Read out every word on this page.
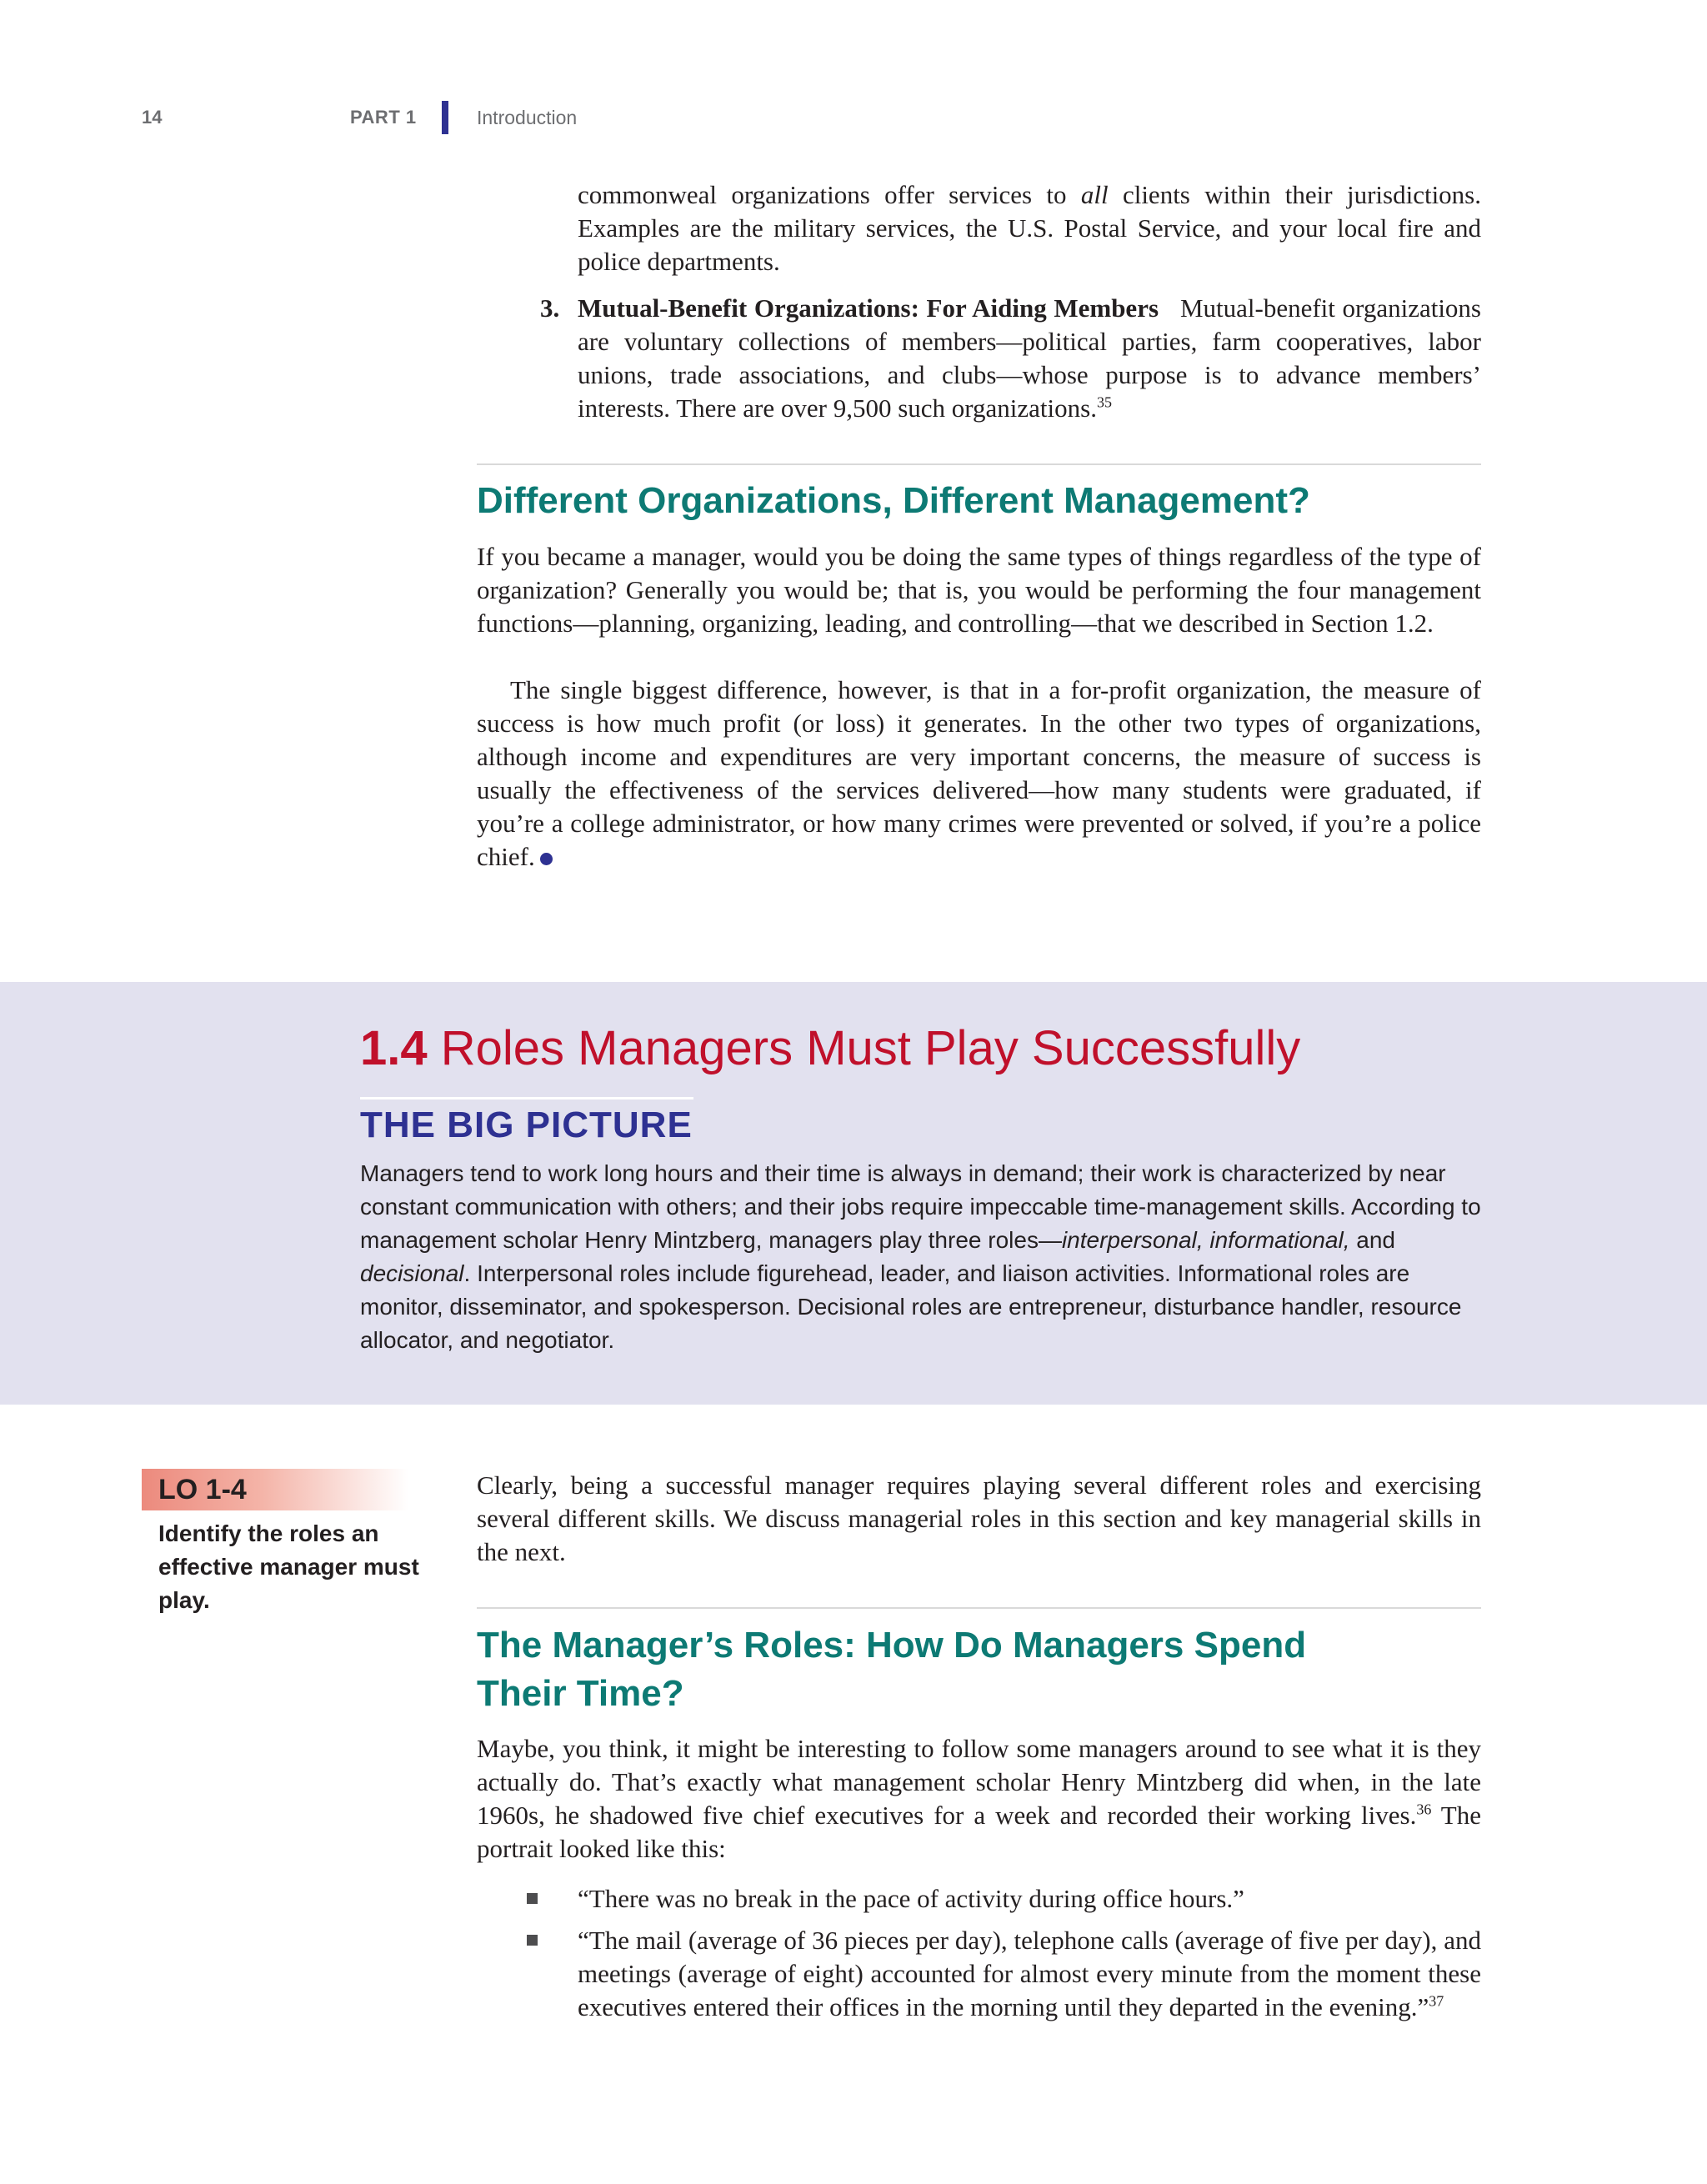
14	PART 1	Introduction

commonweal organizations offer services to all clients within their jurisdictions. Examples are the military services, the U.S. Postal Service, and your local fire and police departments.

3. Mutual-Benefit Organizations: For Aiding Members Mutual-benefit organizations are voluntary collections of members—political parties, farm cooperatives, labor unions, trade associations, and clubs—whose purpose is to advance members’ interests. There are over 9,500 such organizations.$^{35}$

Different Organizations, Different Management?

If you became a manager, would you be doing the same types of things regardless of the type of organization? Generally you would be; that is, you would be performing the four management functions—planning, organizing, leading, and controlling—that we described in Section 1.2.

The single biggest difference, however, is that in a for-profit organization, the measure of success is how much profit (or loss) it generates. In the other two types of organizations, although income and expenditures are very important concerns, the measure of success is usually the effectiveness of the services delivered—how many students were graduated, if you’re a college administrator, or how many crimes were prevented or solved, if you’re a police chief.

1.4 Roles Managers Must Play Successfully
THE BIG PICTURE

Managers tend to work long hours and their time is always in demand; their work is characterized by near constant communication with others; and their jobs require impeccable time-management skills. According to management scholar Henry Mintzberg, managers play three roles—interpersonal, informational, and decisional. Interpersonal roles include figurehead, leader, and liaison activities. Informational roles are monitor, disseminator, and spokesperson. Decisional roles are entrepreneur, disturbance handler, resource allocator, and negotiator.

LO 1-4

Identify the roles an effective manager must play.

Clearly, being a successful manager requires playing several different roles and exercising several different skills. We discuss managerial roles in this section and key managerial skills in the next.

The Manager’s Roles: How Do Managers Spend Their Time?

Maybe, you think, it might be interesting to follow some managers around to see what it is they actually do. That’s exactly what management scholar Henry Mintzberg did when, in the late 1960s, he shadowed five chief executives for a week and recorded their working lives.$^{36}$ The portrait looked like this:

“There was no break in the pace of activity during office hours.”

“The mail (average of 36 pieces per day), telephone calls (average of five per day), and meetings (average of eight) accounted for almost every minute from the moment these executives entered their offices in the morning until they departed in the evening.”$^{37}$
